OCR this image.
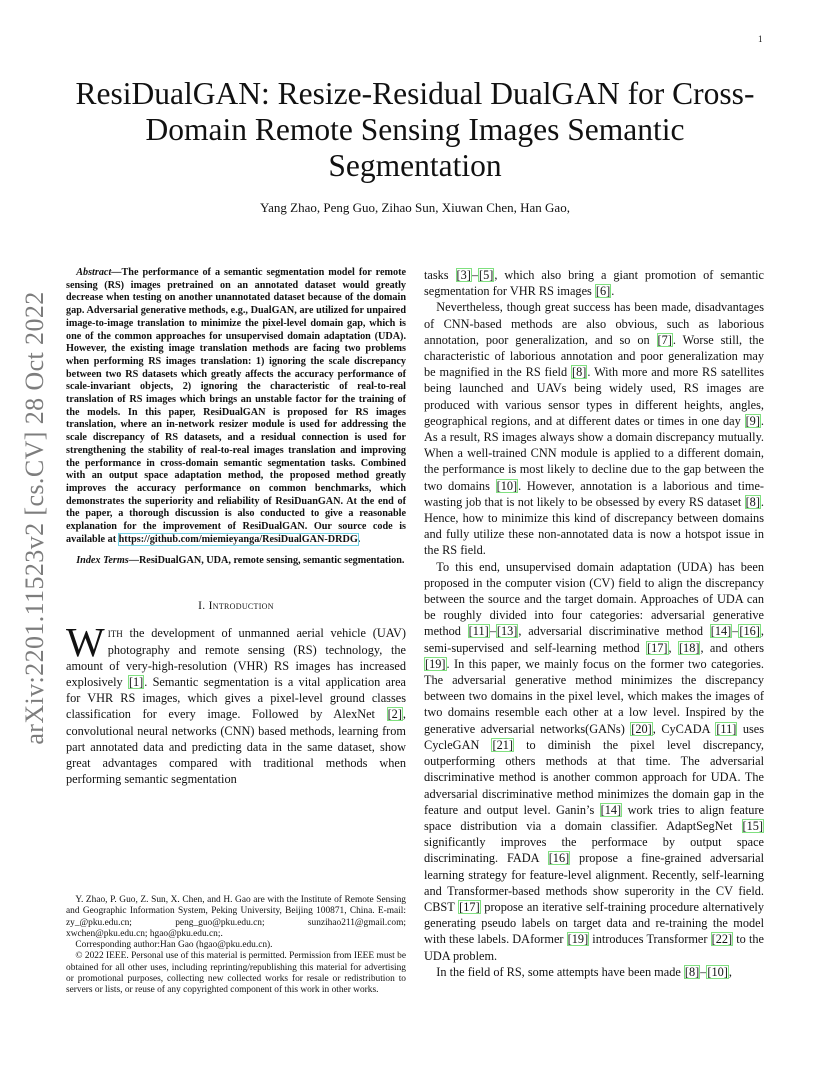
1
arXiv:2201.11523v2 [cs.CV] 28 Oct 2022
ResiDualGAN: Resize-Residual DualGAN for Cross-Domain Remote Sensing Images Semantic Segmentation
Yang Zhao, Peng Guo, Zihao Sun, Xiuwan Chen, Han Gao,

Abstract—The performance of a semantic segmentation model for remote sensing (RS) images pretrained on an annotated dataset would greatly decrease when testing on another unannotated dataset because of the domain gap. Adversarial generative methods, e.g., DualGAN, are utilized for unpaired image-to-image translation to minimize the pixel-level domain gap, which is one of the common approaches for unsupervised domain adaptation (UDA). However, the existing image translation methods are facing two problems when performing RS images translation: 1) ignoring the scale discrepancy between two RS datasets which greatly affects the accuracy performance of scale-invariant objects, 2) ignoring the characteristic of real-to-real translation of RS images which brings an unstable factor for the training of the models. In this paper, ResiDualGAN is proposed for RS images translation, where an in-network resizer module is used for addressing the scale discrepancy of RS datasets, and a residual connection is used for strengthening the stability of real-to-real images translation and improving the performance in cross-domain semantic segmentation tasks. Combined with an output space adaptation method, the proposed method greatly improves the accuracy performance on common benchmarks, which demonstrates the superiority and reliability of ResiDuanGAN. At the end of the paper, a thorough discussion is also conducted to give a reasonable explanation for the improvement of ResiDualGAN. Our source code is available at https://github.com/miemieyanga/ResiDualGAN-DRDG.

Index Terms—ResiDualGAN, UDA, remote sensing, semantic segmentation.

I. Introduction

With the development of unmanned aerial vehicle (UAV) photography and remote sensing (RS) technology, the amount of very-high-resolution (VHR) RS images has increased explosively [1]. Semantic segmentation is a vital application area for VHR RS images, which gives a pixel-level ground classes classification for every image. Followed by AlexNet [2], convolutional neural networks (CNN) based methods, learning from part annotated data and predicting data in the same dataset, show great advantages compared with traditional methods when performing semantic segmentation

Y. Zhao, P. Guo, Z. Sun, X. Chen, and H. Gao are with the Institute of Remote Sensing and Geographic Information System, Peking University, Beijing 100871, China. E-mail: zy_@pku.edu.cn; peng_guo@pku.edu.cn; sunzihao211@gmail.com; xwchen@pku.edu.cn; hgao@pku.edu.cn;.

Corresponding author:Han Gao (hgao@pku.edu.cn).

© 2022 IEEE. Personal use of this material is permitted. Permission from IEEE must be obtained for all other uses, including reprinting/republishing this material for advertising or promotional purposes, collecting new collected works for resale or redistribution to servers or lists, or reuse of any copyrighted component of this work in other works.

tasks [3]–[5], which also bring a giant promotion of semantic segmentation for VHR RS images [6].

Nevertheless, though great success has been made, disadvantages of CNN-based methods are also obvious, such as laborious annotation, poor generalization, and so on [7]. Worse still, the characteristic of laborious annotation and poor generalization may be magnified in the RS field [8]. With more and more RS satellites being launched and UAVs being widely used, RS images are produced with various sensor types in different heights, angles, geographical regions, and at different dates or times in one day [9]. As a result, RS images always show a domain discrepancy mutually. When a well-trained CNN module is applied to a different domain, the performance is most likely to decline due to the gap between the two domains [10]. However, annotation is a laborious and time-wasting job that is not likely to be obsessed by every RS dataset [8]. Hence, how to minimize this kind of discrepancy between domains and fully utilize these non-annotated data is now a hotspot issue in the RS field.

To this end, unsupervised domain adaptation (UDA) has been proposed in the computer vision (CV) field to align the discrepancy between the source and the target domain. Approaches of UDA can be roughly divided into four categories: adversarial generative method [11]–[13], adversarial discriminative method [14]–[16], semi-supervised and self-learning method [17], [18], and others [19]. In this paper, we mainly focus on the former two categories. The adversarial generative method minimizes the discrepancy between two domains in the pixel level, which makes the images of two domains resemble each other at a low level. Inspired by the generative adversarial networks(GANs) [20], CyCADA [11] uses CycleGAN [21] to diminish the pixel level discrepancy, outperforming others methods at that time. The adversarial discriminative method is another common approach for UDA. The adversarial discriminative method minimizes the domain gap in the feature and output level. Ganin’s [14] work tries to align feature space distribution via a domain classifier. AdaptSegNet [15] significantly improves the performace by output space discriminating. FADA [16] propose a fine-grained adversarial learning strategy for feature-level alignment. Recently, self-learning and Transformer-based methods show superority in the CV field. CBST [17] propose an iterative self-training procedure alternatively generating pseudo labels on target data and re-training the model with these labels. DAformer [19] introduces Transformer [22] to the UDA problem.

In the field of RS, some attempts have been made [8]–[10],
